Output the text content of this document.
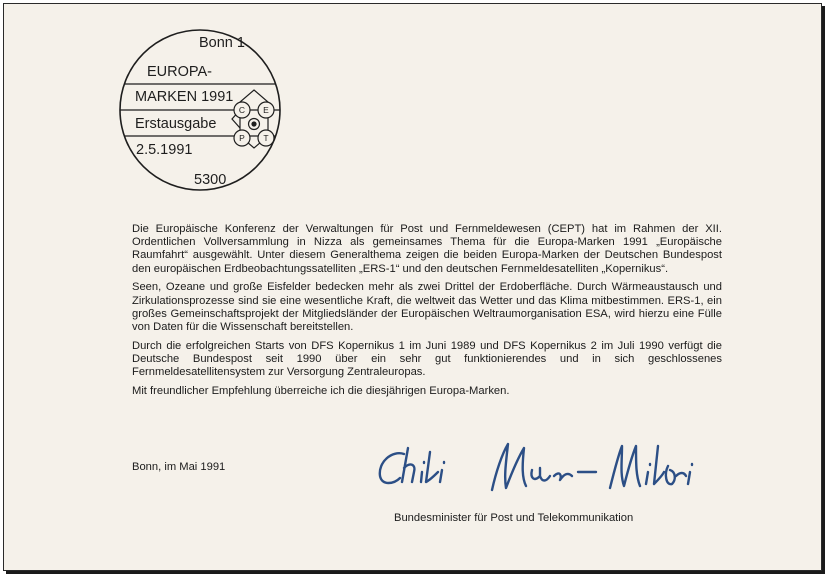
C E
P T
Bonn 1
EUROPA-
MARKEN 1991
Erstausgabe
2.5.1991
5300

Die Europäische Konferenz der Verwaltungen für Post und Fernmeldewesen (CEPT) hat im Rahmen der XII. Ordentlichen Vollversammlung in Nizza als gemeinsames Thema für die Europa-Marken 1991 „Europäische Raumfahrt“ ausgewählt. Unter diesem Generalthema zeigen die beiden Europa-Marken der Deutschen Bundespost den europäischen Erdbeobachtungssatelliten „ERS-1“ und den deutschen Fernmeldesatelliten „Kopernikus“.

Seen, Ozeane und große Eisfelder bedecken mehr als zwei Drittel der Erdoberfläche. Durch Wärmeaustausch und Zirkulationsprozesse sind sie eine wesentliche Kraft, die weltweit das Wetter und das Klima mitbestimmen. ERS-1, ein großes Gemeinschaftsprojekt der Mitgliedsländer der Europäischen Weltraumorganisation ESA, wird hierzu eine Fülle von Daten für die Wissenschaft bereitstellen.

Durch die erfolgreichen Starts von DFS Kopernikus 1 im Juni 1989 und DFS Kopernikus 2 im Juli 1990 verfügt die Deutsche Bundespost seit 1990 über ein sehr gut funktionierendes und in sich geschlossenes Fernmeldesatellitensystem zur Versorgung Zentraleuropas.

Mit freundlicher Empfehlung überreiche ich die diesjährigen Europa-Marken.

Bonn, im Mai 1991
Bundesminister für Post und Telekommunikation
